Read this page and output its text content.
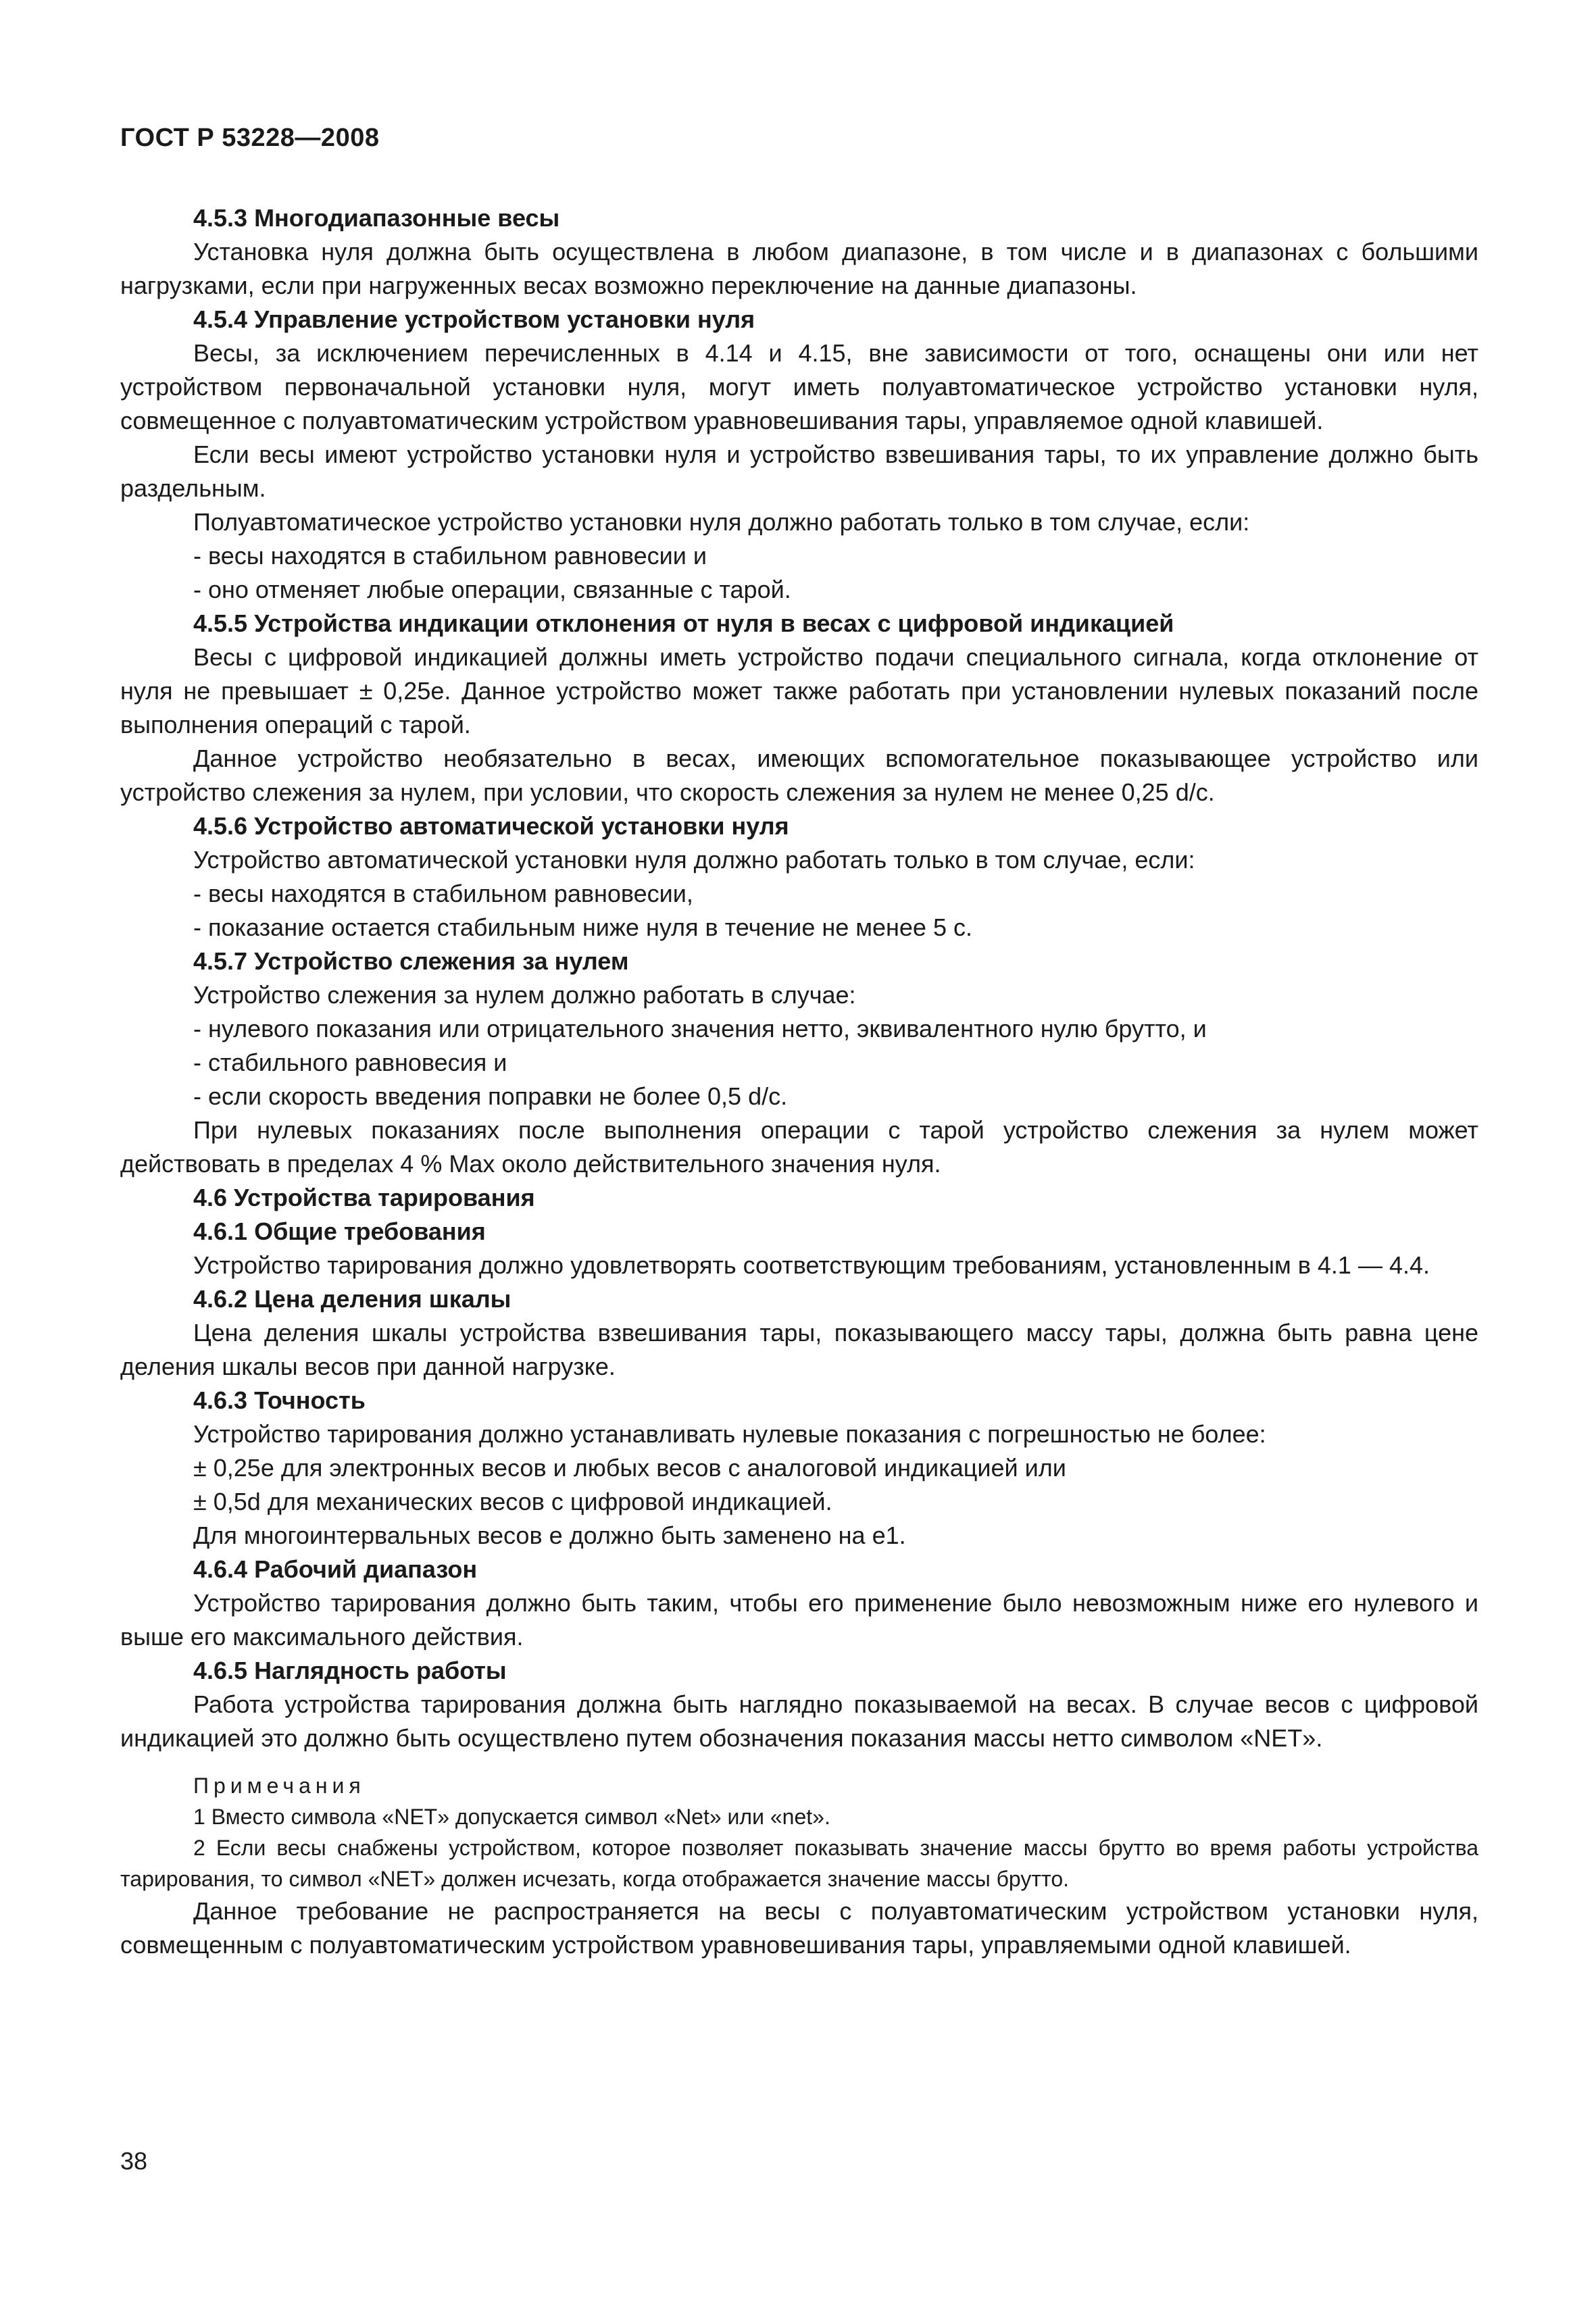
ГОСТ Р 53228—2008

4.5.3 Многодиапазонные весы

Установка нуля должна быть осуществлена в любом диапазоне, в том числе и в диапазонах с большими нагрузками, если при нагруженных весах возможно переключение на данные диапазоны.

4.5.4 Управление устройством установки нуля

Весы, за исключением перечисленных в 4.14 и 4.15, вне зависимости от того, оснащены они или нет устройством первоначальной установки нуля, могут иметь полуавтоматическое устройство установки нуля, совмещенное с полуавтоматическим устройством уравновешивания тары, управляемое одной клавишей.

Если весы имеют устройство установки нуля и устройство взвешивания тары, то их управление должно быть раздельным.

Полуавтоматическое устройство установки нуля должно работать только в том случае, если:

- весы находятся в стабильном равновесии и

- оно отменяет любые операции, связанные с тарой.

4.5.5 Устройства индикации отклонения от нуля в весах с цифровой индикацией

Весы с цифровой индикацией должны иметь устройство подачи специального сигнала, когда отклонение от нуля не превышает ± 0,25e. Данное устройство может также работать при установлении нулевых показаний после выполнения операций с тарой.

Данное устройство необязательно в весах, имеющих вспомогательное показывающее устройство или устройство слежения за нулем, при условии, что скорость слежения за нулем не менее 0,25 d/c.

4.5.6 Устройство автоматической установки нуля

Устройство автоматической установки нуля должно работать только в том случае, если:

- весы находятся в стабильном равновесии,

- показание остается стабильным ниже нуля в течение не менее 5 с.

4.5.7 Устройство слежения за нулем

Устройство слежения за нулем должно работать в случае:

- нулевого показания или отрицательного значения нетто, эквивалентного нулю брутто, и

- стабильного равновесия и

- если скорость введения поправки не более 0,5 d/c.

При нулевых показаниях после выполнения операции с тарой устройство слежения за нулем может действовать в пределах 4 % Max около действительного значения нуля.

4.6 Устройства тарирования

4.6.1 Общие требования

Устройство тарирования должно удовлетворять соответствующим требованиям, установленным в 4.1 — 4.4.

4.6.2 Цена деления шкалы

Цена деления шкалы устройства взвешивания тары, показывающего массу тары, должна быть равна цене деления шкалы весов при данной нагрузке.

4.6.3 Точность

Устройство тарирования должно устанавливать нулевые показания с погрешностью не более:

± 0,25e для электронных весов и любых весов с аналоговой индикацией или

± 0,5d для механических весов с цифровой индикацией.

Для многоинтервальных весов e должно быть заменено на e1.

4.6.4 Рабочий диапазон

Устройство тарирования должно быть таким, чтобы его применение было невозможным ниже его нулевого и выше его максимального действия.

4.6.5 Наглядность работы

Работа устройства тарирования должна быть наглядно показываемой на весах. В случае весов с цифровой индикацией это должно быть осуществлено путем обозначения показания массы нетто символом «NET».

Примечания

1 Вместо символа «NET» допускается символ «Net» или «net».

2 Если весы снабжены устройством, которое позволяет показывать значение массы брутто во время работы устройства тарирования, то символ «NET» должен исчезать, когда отображается значение массы брутто.

Данное требование не распространяется на весы с полуавтоматическим устройством установки нуля, совмещенным с полуавтоматическим устройством уравновешивания тары, управляемыми одной клавишей.

38
